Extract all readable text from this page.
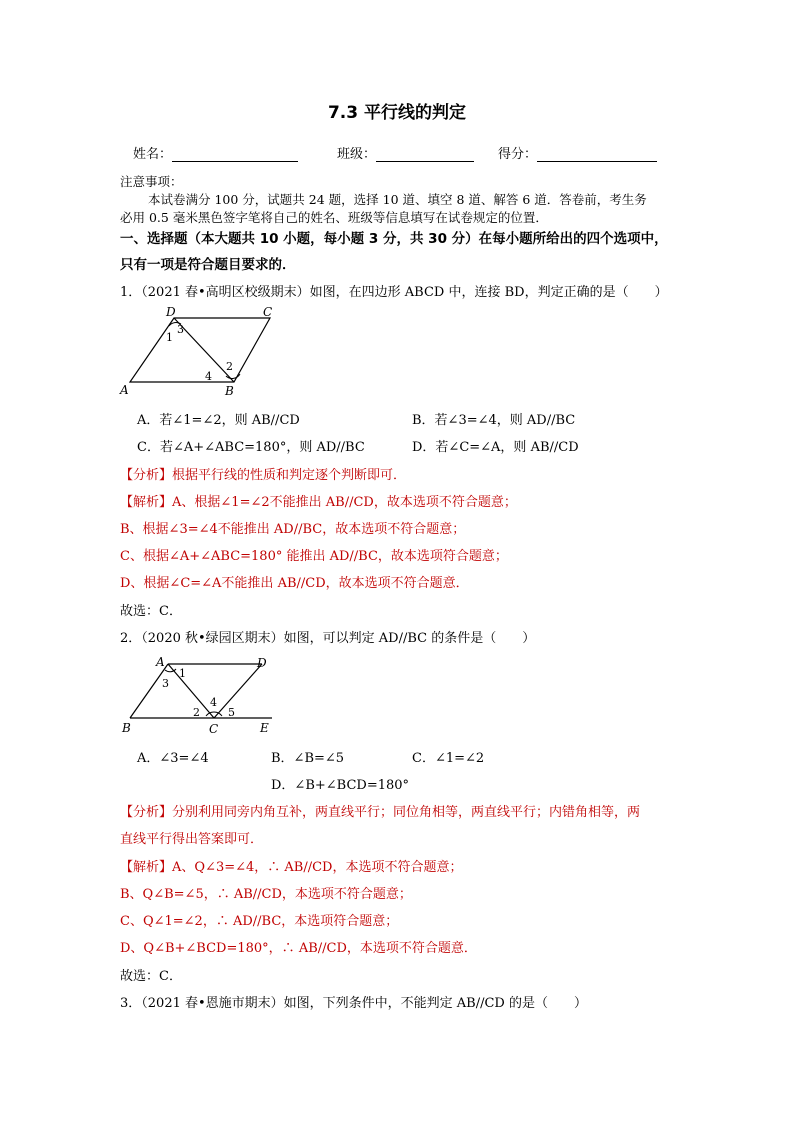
7.3 平行线的判定
姓名：	班级：	得分：
注意事项：
本试卷满分 100 分，试题共 24 题，选择 10 道、填空 8 道、解答 6 道．答卷前，考生务
必用 0.5 毫米黑色签字笔将自己的姓名、班级等信息填写在试卷规定的位置．
一、选择题（本大题共 10 小题，每小题 3 分，共 30 分）在每小题所给出的四个选项中，
只有一项是符合题目要求的．
1．（2021 春•高明区校级期末）如图，在四边形 ABCD 中，连接 BD，判定正确的是（　　）
D	C
A	B
1
2
3
4
A．若∠1=∠2，则 AB//CD	B．若∠3=∠4，则 AD//BC
C．若∠A+∠ABC=180°，则 AD//BC	D．若∠C=∠A，则 AB//CD
【分析】根据平行线的性质和判定逐个判断即可．
【解析】A、根据∠1=∠2不能推出 AB//CD，故本选项不符合题意；
B、根据∠3=∠4不能推出 AD//BC，故本选项不符合题意；
C、根据∠A+∠ABC=180° 能推出 AD//BC，故本选项符合题意；
D、根据∠C=∠A不能推出 AB//CD，故本选项不符合题意．
故选：C．
2．（2020 秋•绿园区期末）如图，可以判定 AD//BC 的条件是（　　）
A	D
B	C	E
1
2
3
4
5
A．∠3=∠4	B．∠B=∠5	C．∠1=∠2
D．∠B+∠BCD=180°
【分析】分别利用同旁内角互补，两直线平行；同位角相等，两直线平行；内错角相等，两
直线平行得出答案即可．
【解析】A、Q∠3=∠4，∴ AB//CD，本选项不符合题意；
B、Q∠B=∠5，∴ AB//CD，本选项不符合题意；
C、Q∠1=∠2，∴ AD//BC，本选项符合题意；
D、Q∠B+∠BCD=180°，∴ AB//CD，本选项不符合题意．
故选：C．
3．（2021 春•恩施市期末）如图，下列条件中，不能判定 AB//CD 的是（　　）
